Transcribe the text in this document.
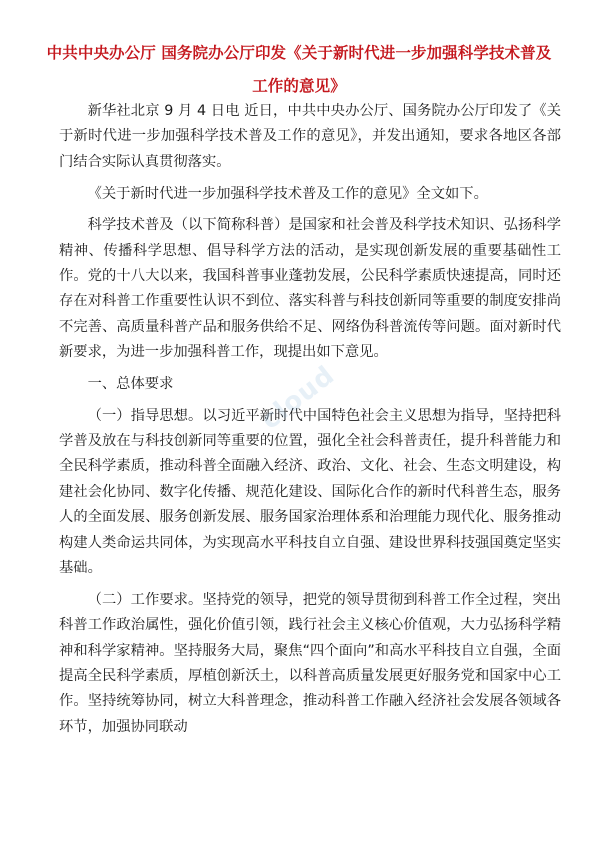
中共中央办公厅 国务院办公厅印发《关于新时代进一步加强科学技术普及工作的意见》

新华社北京 9 月 4 日电 近日，中共中央办公厅、国务院办公厅印发了《关于新时代进一步加强科学技术普及工作的意见》，并发出通知，要求各地区各部门结合实际认真贯彻落实。

《关于新时代进一步加强科学技术普及工作的意见》全文如下。

科学技术普及（以下简称科普）是国家和社会普及科学技术知识、弘扬科学精神、传播科学思想、倡导科学方法的活动，是实现创新发展的重要基础性工作。党的十八大以来，我国科普事业蓬勃发展，公民科学素质快速提高，同时还存在对科普工作重要性认识不到位、落实科普与科技创新同等重要的制度安排尚不完善、高质量科普产品和服务供给不足、网络伪科普流传等问题。面对新时代新要求，为进一步加强科普工作，现提出如下意见。

一、总体要求

（一）指导思想。以习近平新时代中国特色社会主义思想为指导，坚持把科学普及放在与科技创新同等重要的位置，强化全社会科普责任，提升科普能力和全民科学素质，推动科普全面融入经济、政治、文化、社会、生态文明建设，构建社会化协同、数字化传播、规范化建设、国际化合作的新时代科普生态，服务人的全面发展、服务创新发展、服务国家治理体系和治理能力现代化、服务推动构建人类命运共同体，为实现高水平科技自立自强、建设世界科技强国奠定坚实基础。

（二）工作要求。坚持党的领导，把党的领导贯彻到科普工作全过程，突出科普工作政治属性，强化价值引领，践行社会主义核心价值观，大力弘扬科学精神和科学家精神。坚持服务大局，聚焦“四个面向”和高水平科技自立自强，全面提高全民科学素质，厚植创新沃土，以科普高质量发展更好服务党和国家中心工作。坚持统筹协同，树立大科普理念，推动科普工作融入经济社会发展各领域各环节，加强协同联动

cloud
